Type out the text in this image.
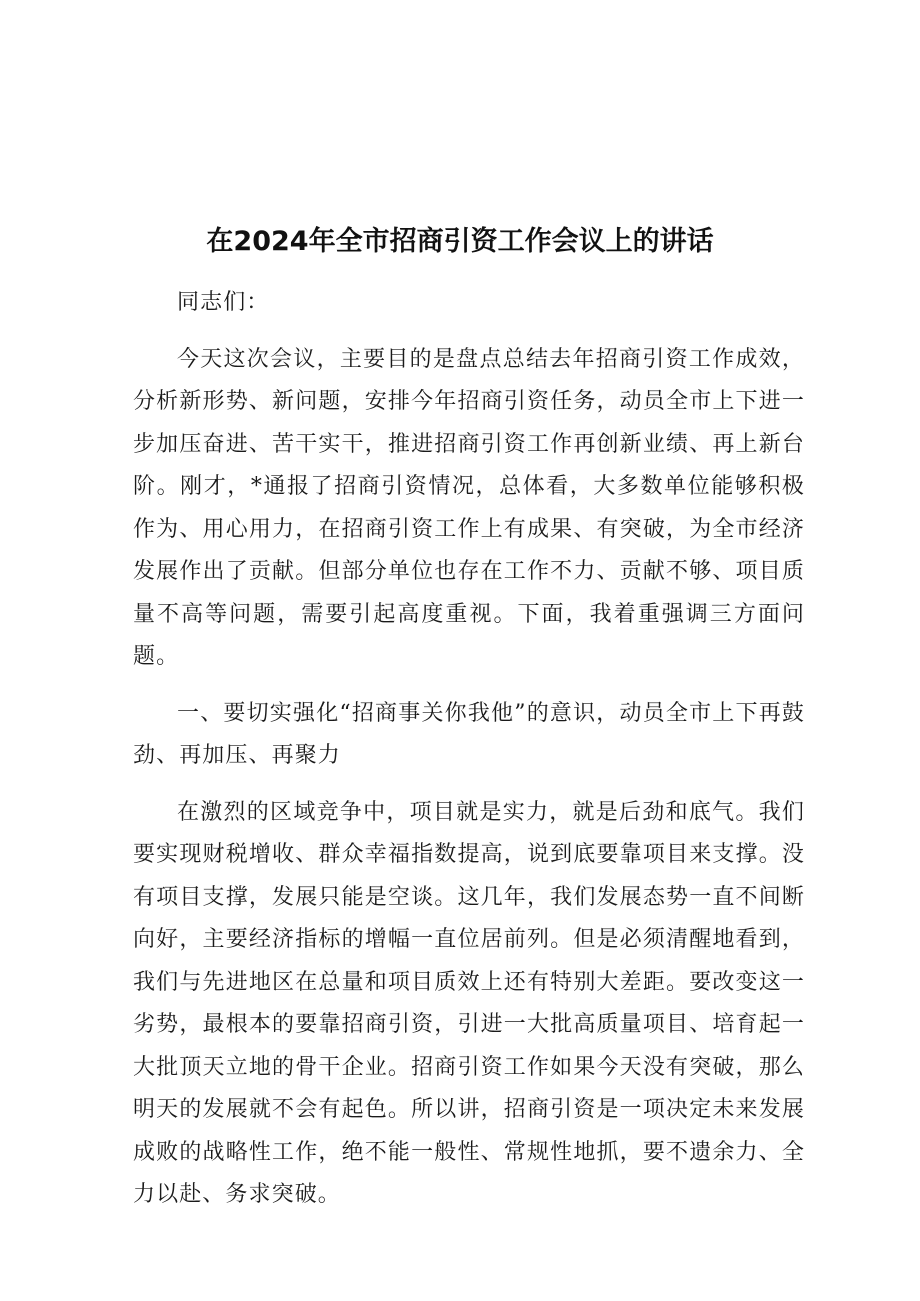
在2024年全市招商引资工作会议上的讲话

同志们：

今天这次会议，主要目的是盘点总结去年招商引资工作成效，分析新形势、新问题，安排今年招商引资任务，动员全市上下进一步加压奋进、苦干实干，推进招商引资工作再创新业绩、再上新台阶。刚才，*通报了招商引资情况，总体看，大多数单位能够积极作为、用心用力，在招商引资工作上有成果、有突破，为全市经济发展作出了贡献。但部分单位也存在工作不力、贡献不够、项目质量不高等问题，需要引起高度重视。下面，我着重强调三方面问题。

一、要切实强化“招商事关你我他”的意识，动员全市上下再鼓劲、再加压、再聚力

在激烈的区域竞争中，项目就是实力，就是后劲和底气。我们要实现财税增收、群众幸福指数提高，说到底要靠项目来支撑。没有项目支撑，发展只能是空谈。这几年，我们发展态势一直不间断向好，主要经济指标的增幅一直位居前列。但是必须清醒地看到，我们与先进地区在总量和项目质效上还有特别大差距。要改变这一劣势，最根本的要靠招商引资，引进一大批高质量项目、培育起一大批顶天立地的骨干企业。招商引资工作如果今天没有突破，那么明天的发展就不会有起色。所以讲，招商引资是一项决定未来发展成败的战略性工作，绝不能一般性、常规性地抓，要不遗余力、全力以赴、务求突破。
